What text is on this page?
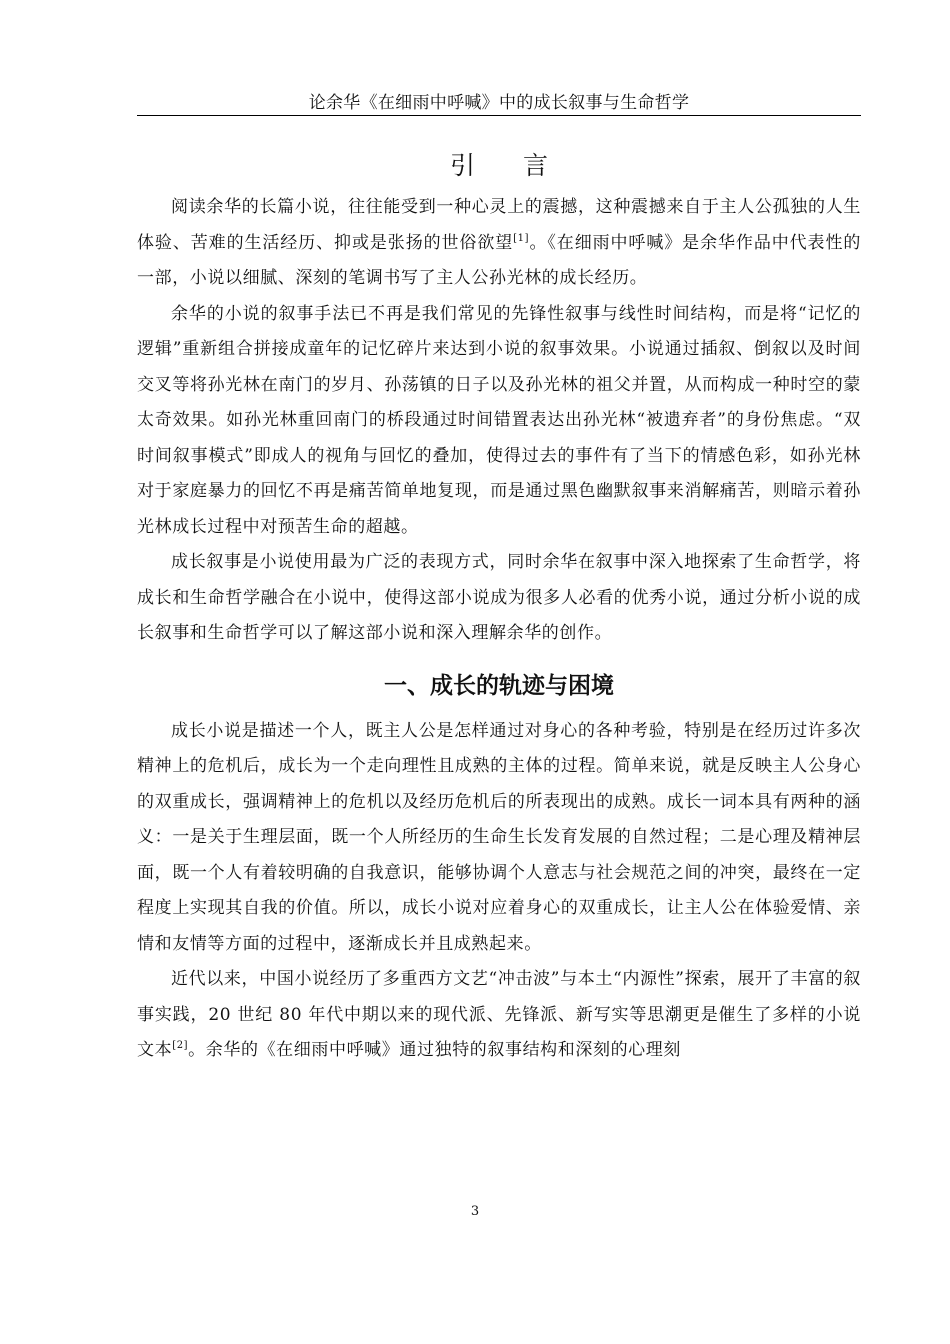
论余华《在细雨中呼喊》中的成长叙事与生命哲学
引 言

阅读余华的长篇小说，往往能受到一种心灵上的震撼，这种震撼来自于主人公孤独的人生体验、苦难的生活经历、抑或是张扬的世俗欲望[1]。《在细雨中呼喊》是余华作品中代表性的一部，小说以细腻、深刻的笔调书写了主人公孙光林的成长经历。

余华的小说的叙事手法已不再是我们常见的先锋性叙事与线性时间结构，而是将“记忆的逻辑”重新组合拼接成童年的记忆碎片来达到小说的叙事效果。小说通过插叙、倒叙以及时间交叉等将孙光林在南门的岁月、孙荡镇的日子以及孙光林的祖父并置，从而构成一种时空的蒙太奇效果。如孙光林重回南门的桥段通过时间错置表达出孙光林“被遗弃者”的身份焦虑。“双时间叙事模式”即成人的视角与回忆的叠加，使得过去的事件有了当下的情感色彩，如孙光林对于家庭暴力的回忆不再是痛苦简单地复现，而是通过黑色幽默叙事来消解痛苦，则暗示着孙光林成长过程中对预苦生命的超越。

成长叙事是小说使用最为广泛的表现方式，同时余华在叙事中深入地探索了生命哲学，将成长和生命哲学融合在小说中，使得这部小说成为很多人必看的优秀小说，通过分析小说的成长叙事和生命哲学可以了解这部小说和深入理解余华的创作。

一、成长的轨迹与困境

成长小说是描述一个人，既主人公是怎样通过对身心的各种考验，特别是在经历过许多次精神上的危机后，成长为一个走向理性且成熟的主体的过程。简单来说，就是反映主人公身心的双重成长，强调精神上的危机以及经历危机后的所表现出的成熟。成长一词本具有两种的涵义：一是关于生理层面，既一个人所经历的生命生长发育发展的自然过程；二是心理及精神层面，既一个人有着较明确的自我意识，能够协调个人意志与社会规范之间的冲突，最终在一定程度上实现其自我的价值。所以，成长小说对应着身心的双重成长，让主人公在体验爱情、亲情和友情等方面的过程中，逐渐成长并且成熟起来。

近代以来，中国小说经历了多重西方文艺“冲击波”与本土“内源性”探索，展开了丰富的叙事实践，20 世纪 80 年代中期以来的现代派、先锋派、新写实等思潮更是催生了多样的小说文本[2]。余华的《在细雨中呼喊》通过独特的叙事结构和深刻的心理刻

3
